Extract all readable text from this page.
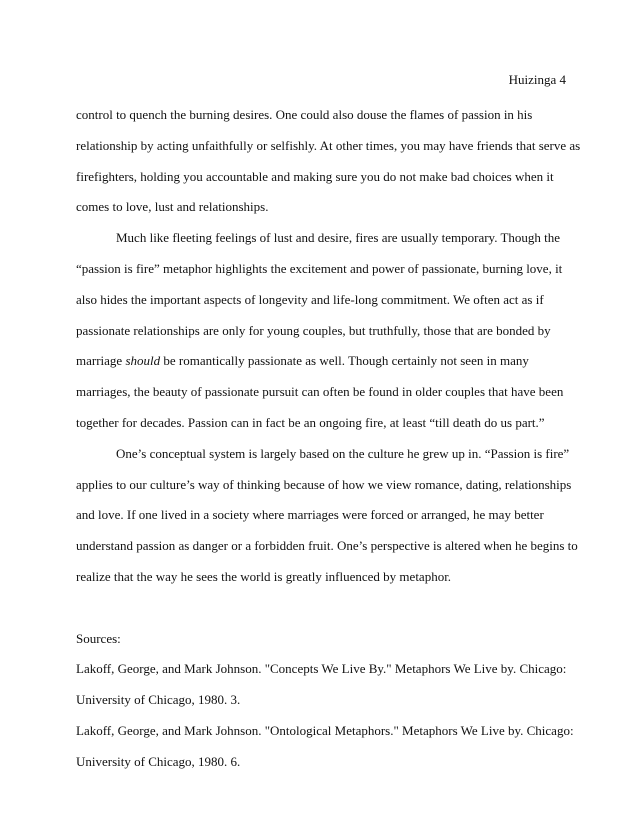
Huizinga 4
control to quench the burning desires. One could also douse the flames of passion in his
relationship by acting unfaithfully or selfishly. At other times, you may have friends that serve as
firefighters, holding you accountable and making sure you do not make bad choices when it
comes to love, lust and relationships.
Much like fleeting feelings of lust and desire, fires are usually temporary. Though the
“passion is fire” metaphor highlights the excitement and power of passionate, burning love, it
also hides the important aspects of longevity and life-long commitment. We often act as if
passionate relationships are only for young couples, but truthfully, those that are bonded by
marriage should be romantically passionate as well. Though certainly not seen in many
marriages, the beauty of passionate pursuit can often be found in older couples that have been
together for decades. Passion can in fact be an ongoing fire, at least “till death do us part.”
One’s conceptual system is largely based on the culture he grew up in. “Passion is fire”
applies to our culture’s way of thinking because of how we view romance, dating, relationships
and love. If one lived in a society where marriages were forced or arranged, he may better
understand passion as danger or a forbidden fruit. One’s perspective is altered when he begins to
realize that the way he sees the world is greatly influenced by metaphor.
Sources:
Lakoff, George, and Mark Johnson. "Concepts We Live By." Metaphors We Live by. Chicago:
University of Chicago, 1980. 3.
Lakoff, George, and Mark Johnson. "Ontological Metaphors." Metaphors We Live by. Chicago:
University of Chicago, 1980. 6.
